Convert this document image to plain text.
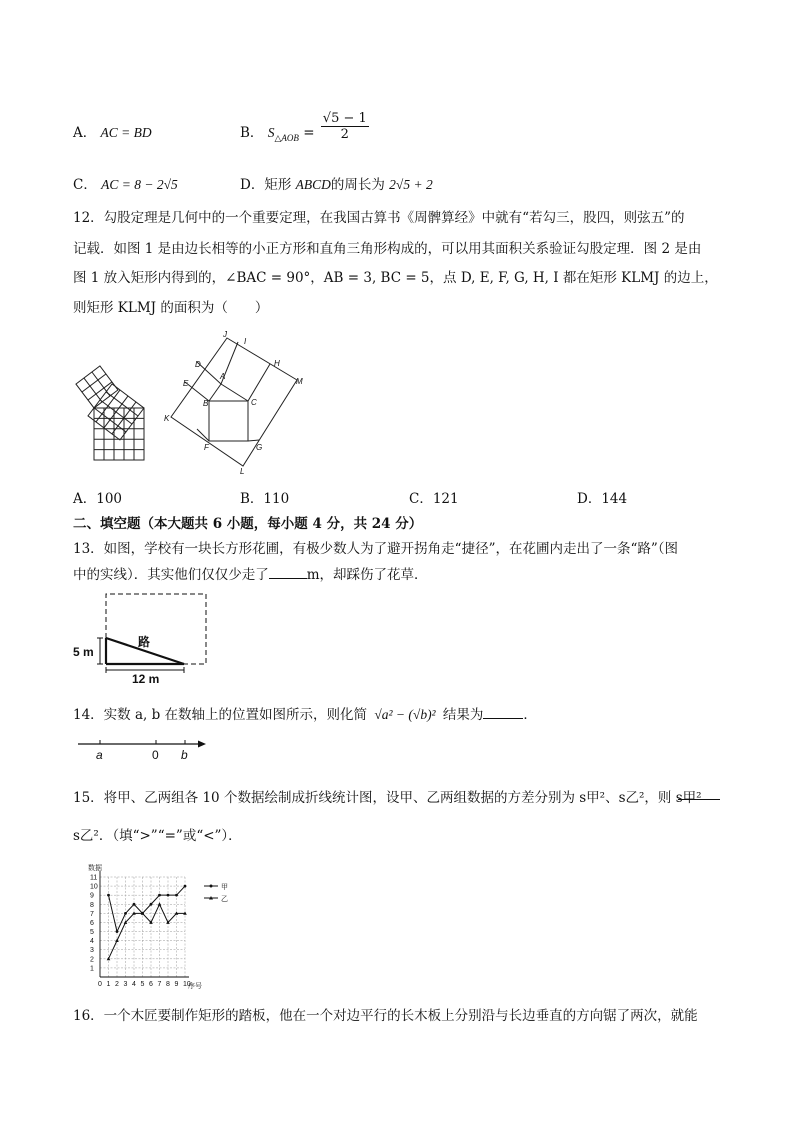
A． AC = BD	B． $S_{\triangle AOB} = \frac{√5 - 1}{2}$
C． AC = 8 − 2√5	D．矩形 ABCD的周长为 2√5 + 2
12．勾股定理是几何中的一个重要定理，在我国古算书《周髀算经》中就有“若勾三，股四，则弦五”的
记载．如图 1 是由边长相等的小正方形和直角三角形构成的，可以用其面积关系验证勾股定理．图 2 是由
图 1 放入矩形内得到的，∠BAC = 90°，AB = 3, BC = 5，点 D, E, F, G, H, I 都在矩形 KLMJ 的边上，
则矩形 KLMJ 的面积为（　　）
J
I
D	H
M
A
E
B	C
K
F	G
L
A．100	B．110	C．121	D．144
二、填空题（本大题共 6 小题，每小题 4 分，共 24 分）
13．如图，学校有一块长方形花圃，有极少数人为了避开拐角走“捷径”，在花圃内走出了一条“路”（图
中的实线）．其实他们仅仅少走了	m，却踩伤了花草．
路
5 m
12 m
14．实数 a, b 在数轴上的位置如图所示，则化简 √a² − (√b)² 结果为	．
a	0 b
15．将甲、乙两组各 10 个数据绘制成折线统计图，设甲、乙两组数据的方差分别为 s甲²、s乙²，则 s甲²
s乙²．（填“>”“=”或“<”）．
数据
0 1 2 3 4 5 6 7 8 9 10
1
2
3
4
5
6
7
8
9
10
11
序号
甲
乙
16．一个木匠要制作矩形的踏板，他在一个对边平行的长木板上分别沿与长边垂直的方向锯了两次，就能
